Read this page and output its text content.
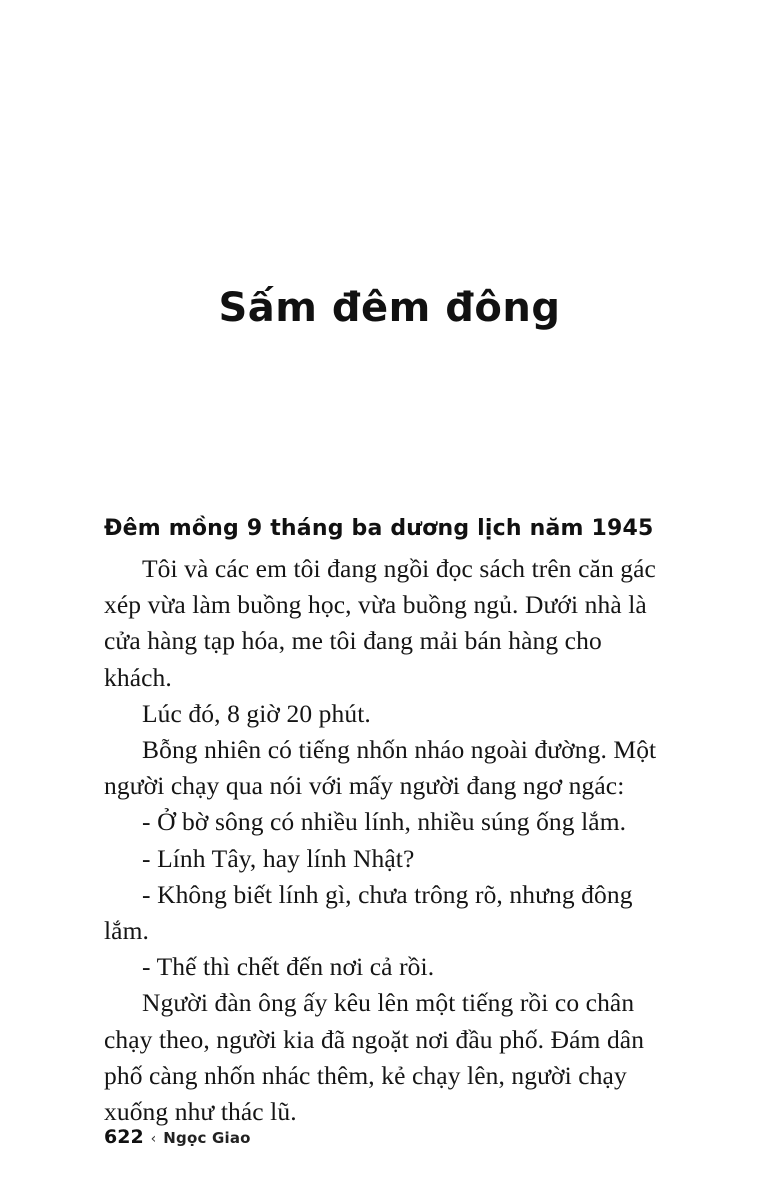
Sấm đêm đông
Đêm mồng 9 tháng ba dương lịch năm 1945

Tôi và các em tôi đang ngồi đọc sách trên căn gác xép vừa làm buồng học, vừa buồng ngủ. Dưới nhà là cửa hàng tạp hóa, me tôi đang mải bán hàng cho khách.

Lúc đó, 8 giờ 20 phút.

Bỗng nhiên có tiếng nhốn nháo ngoài đường. Một người chạy qua nói với mấy người đang ngơ ngác:

- Ở bờ sông có nhiều lính, nhiều súng ống lắm.

- Lính Tây, hay lính Nhật?

- Không biết lính gì, chưa trông rõ, nhưng đông lắm.

- Thế thì chết đến nơi cả rồi.

Người đàn ông ấy kêu lên một tiếng rồi co chân chạy theo, người kia đã ngoặt nơi đầu phố. Đám dân phố càng nhốn nhác thêm, kẻ chạy lên, người chạy xuống như thác lũ.

622 ‹ Ngọc Giao
